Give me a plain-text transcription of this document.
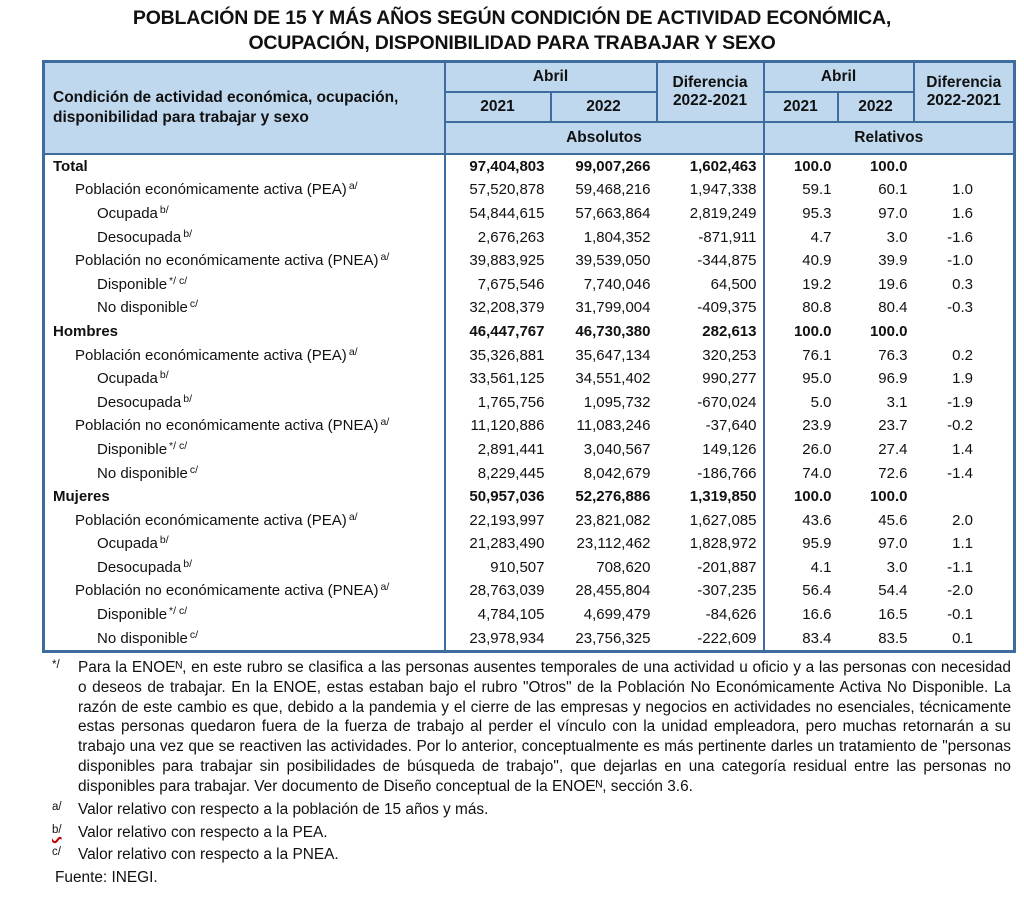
POBLACIÓN DE 15 Y MÁS AÑOS SEGÚN CONDICIÓN DE ACTIVIDAD ECONÓMICA,
OCUPACIÓN, DISPONIBILIDAD PARA TRABAJAR Y SEXO
Condición de actividad económica, ocupación, disponibilidad para trabajar y sexo	Abril		Diferencia 2022-2021	Abril		Diferencia 2022-2021
	2021	2022		2021	2022	
	Absolutos			Relativos		
Total	97,404,803	99,007,266	1,602,463	100.0	100.0	
Población económicamente activa (PEA) $^{a/}$	57,520,878	59,468,216	1,947,338	59.1	60.1	1.0
Ocupada $^{b/}$	54,844,615	57,663,864	2,819,249	95.3	97.0	1.6
Desocupada $^{b/}$	2,676,263	1,804,352	-871,911	4.7	3.0	-1.6
Población no económicamente activa (PNEA) $^{a/}$	39,883,925	39,539,050	-344,875	40.9	39.9	-1.0
Disponible $^{*/ c/}$	7,675,546	7,740,046	64,500	19.2	19.6	0.3
No disponible $^{c/}$	32,208,379	31,799,004	-409,375	80.8	80.4	-0.3
Hombres	46,447,767	46,730,380	282,613	100.0	100.0	
Población económicamente activa (PEA) $^{a/}$	35,326,881	35,647,134	320,253	76.1	76.3	0.2
Ocupada $^{b/}$	33,561,125	34,551,402	990,277	95.0	96.9	1.9
Desocupada $^{b/}$	1,765,756	1,095,732	-670,024	5.0	3.1	-1.9
Población no económicamente activa (PNEA) $^{a/}$	11,120,886	11,083,246	-37,640	23.9	23.7	-0.2
Disponible $^{*/ c/}$	2,891,441	3,040,567	149,126	26.0	27.4	1.4
No disponible $^{c/}$	8,229,445	8,042,679	-186,766	74.0	72.6	-1.4
Mujeres	50,957,036	52,276,886	1,319,850	100.0	100.0	
Población económicamente activa (PEA) $^{a/}$	22,193,997	23,821,082	1,627,085	43.6	45.6	2.0
Ocupada $^{b/}$	21,283,490	23,112,462	1,828,972	95.9	97.0	1.1
Desocupada $^{b/}$	910,507	708,620	-201,887	4.1	3.0	-1.1
Población no económicamente activa (PNEA) $^{a/}$	28,763,039	28,455,804	-307,235	56.4	54.4	-2.0
Disponible $^{*/ c/}$	4,784,105	4,699,479	-84,626	16.6	16.5	-0.1
No disponible $^{c/}$	23,978,934	23,756,325	-222,609	83.4	83.5	0.1
*/ Para la ENOEᴺ, en este rubro se clasifica a las personas ausentes temporales de una actividad u oficio y a las personas con necesidad o deseos de trabajar. En la ENOE, estas estaban bajo el rubro "Otros" de la Población No Económicamente Activa No Disponible. La razón de este cambio es que, debido a la pandemia y el cierre de las empresas y negocios en actividades no esenciales, técnicamente estas personas quedaron fuera de la fuerza de trabajo al perder el vínculo con la unidad empleadora, pero muchas retornarán a su trabajo una vez que se reactiven las actividades. Por lo anterior, conceptualmente es más pertinente darles un tratamiento de "personas disponibles para trabajar sin posibilidades de búsqueda de trabajo", que dejarlas en una categoría residual entre las personas no disponibles para trabajar. Ver documento de Diseño conceptual de la ENOEᴺ, sección 3.6.
a/ Valor relativo con respecto a la población de 15 años y más.
b/ Valor relativo con respecto a la PEA.
c/ Valor relativo con respecto a la PNEA.
Fuente: INEGI.
